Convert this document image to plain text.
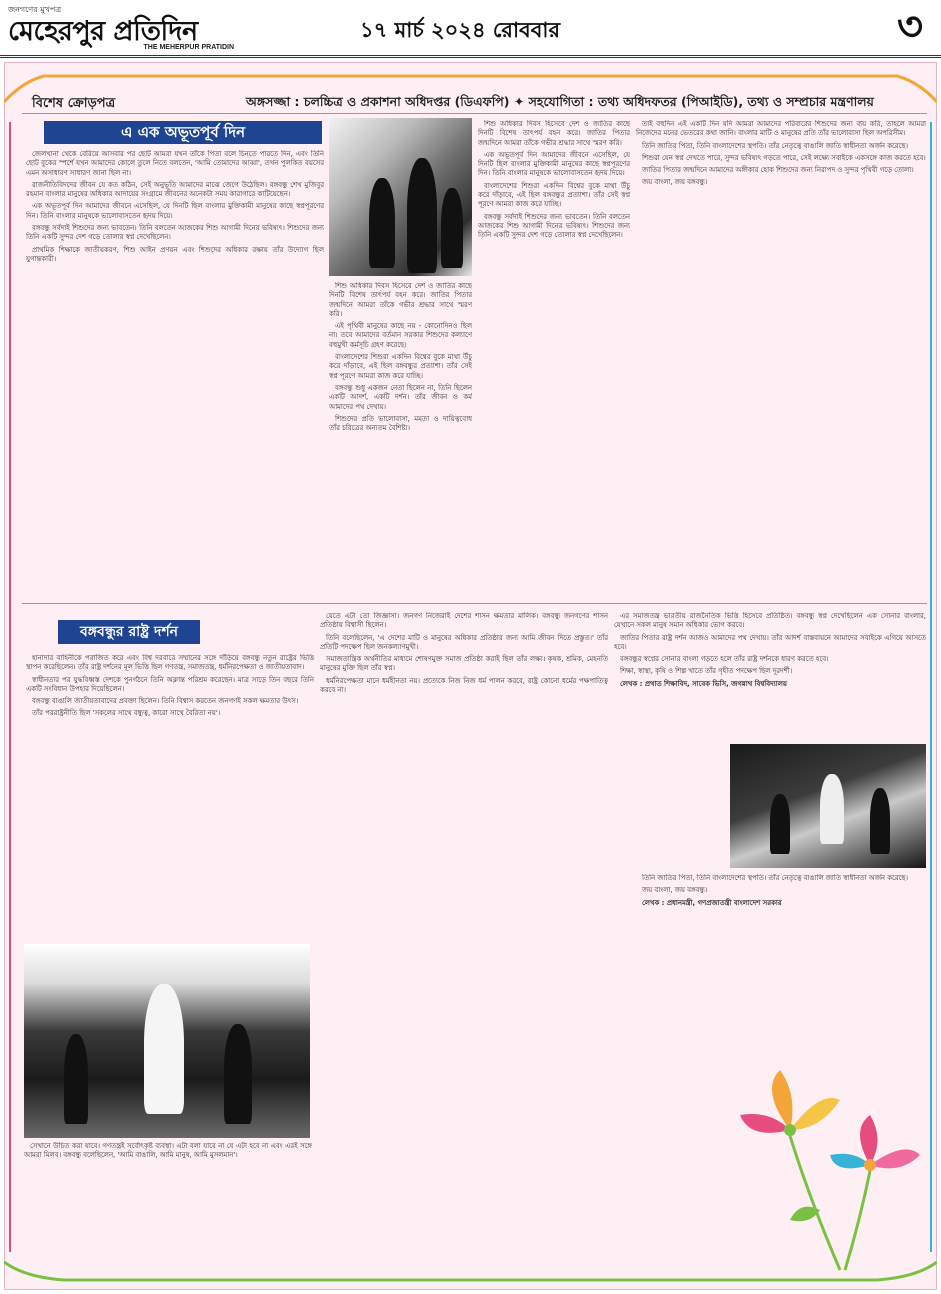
জনগণের মুখপত্র
মেহেরপুর প্রতিদিন
THE MEHERPUR PRATIDIN
১৭ মার্চ ২০২৪ রোববার	৩
বিশেষ ক্রোড়পত্র	অঙ্গসজ্জা : চলচ্চিত্র ও প্রকাশনা অধিদপ্তর (ডিএফপি) ✦ সহযোগিতা : তথ্য অধিদফতর (পিআইডি), তথ্য ও সম্প্রচার মন্ত্রণালয়
এ এক অভূতপূর্ব দিন

জেলখানা থেকে বেরিয়ে আসবার পর ছোট আমরা যখন তাঁকে পিতা বলে চিনতে পারতে দিন, এবং তিনি ছোট বুকের স্পর্শে যখন আমাদের কোলে তুলে নিতে বলতেন, 'আমি তোমাদের আব্বা', তখন পুলকিত বয়সের এমন অসাধারণ সাধারণ জানা ছিল না।

রাজনীতিবিদদের জীবন যে কত কঠিন, সেই অনুভূতি আমাদের মাঝে জেগে উঠেছিল। বঙ্গবন্ধু শেখ মুজিবুর রহমান বাংলার মানুষের অধিকার আদায়ের সংগ্রামে জীবনের অনেকটা সময় কারাগারে কাটিয়েছেন।

এক অভূতপূর্ব দিন আমাদের জীবনে এসেছিল, যে দিনটি ছিল বাংলার মুক্তিকামী মানুষের কাছে স্বপ্নপূরণের দিন। তিনি বাংলার মানুষকে ভালোবাসতেন হৃদয় দিয়ে।

বঙ্গবন্ধু সর্বদাই শিশুদের জন্য ভাবতেন। তিনি বলতেন আজকের শিশু আগামী দিনের ভবিষ্যৎ। শিশুদের জন্য তিনি একটি সুন্দর দেশ গড়ে তোলার স্বপ্ন দেখেছিলেন।

প্রাথমিক শিক্ষাকে জাতীয়করণ, শিশু আইন প্রণয়ন এবং শিশুদের অধিকার রক্ষায় তাঁর উদ্যোগ ছিল যুগান্তকারী।

শিশু অধিকার দিবস হিসেবে দেশ ও জাতির কাছে দিনটি বিশেষ তাৎপর্য বহন করে। জাতির পিতার জন্মদিনে আমরা তাঁকে গভীর শ্রদ্ধার সাথে স্মরণ করি।

এই পৃথিবী মানুষের কাছে নয় - কোনোদিনও ছিল না। তবে আমাদের বর্তমান সরকার শিশুদের কল্যাণে বহুমুখী কর্মসূচি গ্রহণ করেছে।

বাংলাদেশের শিশুরা একদিন বিশ্বের বুকে মাথা উঁচু করে দাঁড়াবে, এই ছিল বঙ্গবন্ধুর প্রত্যাশা। তাঁর সেই স্বপ্ন পূরণে আমরা কাজ করে যাচ্ছি।

বঙ্গবন্ধু শুধু একজন নেতা ছিলেন না, তিনি ছিলেন একটি আদর্শ, একটি দর্শন। তাঁর জীবন ও কর্ম আমাদের পথ দেখায়।

শিশুদের প্রতি ভালোবাসা, মমতা ও দায়িত্ববোধ তাঁর চরিত্রের অন্যতম বৈশিষ্ট্য।

শিশু অধিকার দিবস হিসেবে দেশ ও জাতির কাছে দিনটি বিশেষ তাৎপর্য বহন করে। জাতির পিতার জন্মদিনে আমরা তাঁকে গভীর শ্রদ্ধার সাথে স্মরণ করি।

এক অভূতপূর্ব দিন আমাদের জীবনে এসেছিল, যে দিনটি ছিল বাংলার মুক্তিকামী মানুষের কাছে স্বপ্নপূরণের দিন। তিনি বাংলার মানুষকে ভালোবাসতেন হৃদয় দিয়ে।

বাংলাদেশের শিশুরা একদিন বিশ্বের বুকে মাথা উঁচু করে দাঁড়াবে, এই ছিল বঙ্গবন্ধুর প্রত্যাশা। তাঁর সেই স্বপ্ন পূরণে আমরা কাজ করে যাচ্ছি।

বঙ্গবন্ধু সর্বদাই শিশুদের জন্য ভাবতেন। তিনি বলতেন আজকের শিশু আগামী দিনের ভবিষ্যৎ। শিশুদের জন্য তিনি একটি সুন্দর দেশ গড়ে তোলার স্বপ্ন দেখেছিলেন।

তাই বহুদিন এই একটি দিন যদি আমরা আমাদের পরিবারের শিশুদের জন্য ব্যয় করি, তাহলে আমরা নিজেদের মনের ভেতরের কথা জানি। বাংলার মাটি ও মানুষের প্রতি তাঁর ভালোবাসা ছিল অপরিসীম।

তিনি জাতির পিতা, তিনি বাংলাদেশের স্থপতি। তাঁর নেতৃত্বে বাঙালি জাতি স্বাধীনতা অর্জন করেছে।

শিশুরা যেন স্বপ্ন দেখতে পারে, সুন্দর ভবিষ্যৎ গড়তে পারে, সেই লক্ষ্যে সবাইকে একসঙ্গে কাজ করতে হবে।

জাতির পিতার জন্মদিনে আমাদের অঙ্গীকার হোক শিশুদের জন্য নিরাপদ ও সুন্দর পৃথিবী গড়ে তোলা।

জয় বাংলা, জয় বঙ্গবন্ধু।

তিনি জাতির পিতা, তিনি বাংলাদেশের স্থপতি। তাঁর নেতৃত্বে বাঙালি জাতি স্বাধীনতা অর্জন করেছে।

জয় বাংলা, জয় বঙ্গবন্ধু।

লেখক : প্রধানমন্ত্রী, গণপ্রজাতন্ত্রী বাংলাদেশ সরকার

বঙ্গবন্ধুর রাষ্ট্র দর্শন

হানাদার বাহিনীকে পরাজিত করে এবং বিশ্ব দরবারে সম্মানের সঙ্গে দাঁড়িয়ে বঙ্গবন্ধু নতুন রাষ্ট্রের ভিত্তি স্থাপন করেছিলেন। তাঁর রাষ্ট্র দর্শনের মূল ভিত্তি ছিল গণতন্ত্র, সমাজতন্ত্র, ধর্মনিরপেক্ষতা ও জাতীয়তাবাদ।

স্বাধীনতার পর যুদ্ধবিধ্বস্ত দেশকে পুনর্গঠনে তিনি অক্লান্ত পরিশ্রম করেছেন। মাত্র সাড়ে তিন বছরে তিনি একটি সংবিধান উপহার দিয়েছিলেন।

বঙ্গবন্ধু বাঙালি জাতীয়তাবাদের প্রবক্তা ছিলেন। তিনি বিশ্বাস করতেন জনগণই সকল ক্ষমতার উৎস।

তাঁর পররাষ্ট্রনীতি ছিল 'সকলের সাথে বন্ধুত্ব, কারো সাথে বৈরিতা নয়'।

সেখানে উচিত করা যাবে। গণতন্ত্রই সর্বোৎকৃষ্ট ব্যবস্থা। এটা বলা যাবে না যে এটা হবে না এবং এরই সঙ্গে আমরা মিলব। বঙ্গবন্ধু বলেছিলেন, 'আমি বাঙালি, আমি মানুষ, আমি মুসলমান'।

যেতে এটা তো জিজ্ঞাসা। জনগণ নিজেরাই দেশের শাসন ক্ষমতার মালিক। বঙ্গবন্ধু জনগণের শাসন প্রতিষ্ঠায় বিশ্বাসী ছিলেন।

তিনি বলেছিলেন, 'এ দেশের মাটি ও মানুষের অধিকার প্রতিষ্ঠার জন্য আমি জীবন দিতে প্রস্তুত।' তাঁর প্রতিটি পদক্ষেপ ছিল জনকল্যাণমুখী।

সমাজতান্ত্রিক অর্থনীতির মাধ্যমে শোষণমুক্ত সমাজ প্রতিষ্ঠা করাই ছিল তাঁর লক্ষ্য। কৃষক, শ্রমিক, মেহনতি মানুষের মুক্তি ছিল তাঁর স্বপ্ন।

ধর্মনিরপেক্ষতা মানে ধর্মহীনতা নয়। প্রত্যেকে নিজ নিজ ধর্ম পালন করবে, রাষ্ট্র কোনো ধর্মের পক্ষপাতিত্ব করবে না।

এর সমাজতন্ত্র ভারতীয় রাজনৈতিক ভিত্তি হিসেবে প্রতিষ্ঠিত। বঙ্গবন্ধু স্বপ্ন দেখেছিলেন এক সোনার বাংলার, যেখানে সকল মানুষ সমান অধিকার ভোগ করবে।

জাতির পিতার রাষ্ট্র দর্শন আজও আমাদের পথ দেখায়। তাঁর আদর্শ বাস্তবায়নে আমাদের সবাইকে এগিয়ে আসতে হবে।

বঙ্গবন্ধুর স্বপ্নের সোনার বাংলা গড়তে হলে তাঁর রাষ্ট্র দর্শনকে ধারণ করতে হবে।

শিক্ষা, স্বাস্থ্য, কৃষি ও শিল্প খাতে তাঁর গৃহীত পদক্ষেপ ছিল দূরদর্শী।

লেখক : প্রথাত শিক্ষাবিদ, সাবেক ভিসি, জগন্নাথ বিশ্ববিদ্যালয়
